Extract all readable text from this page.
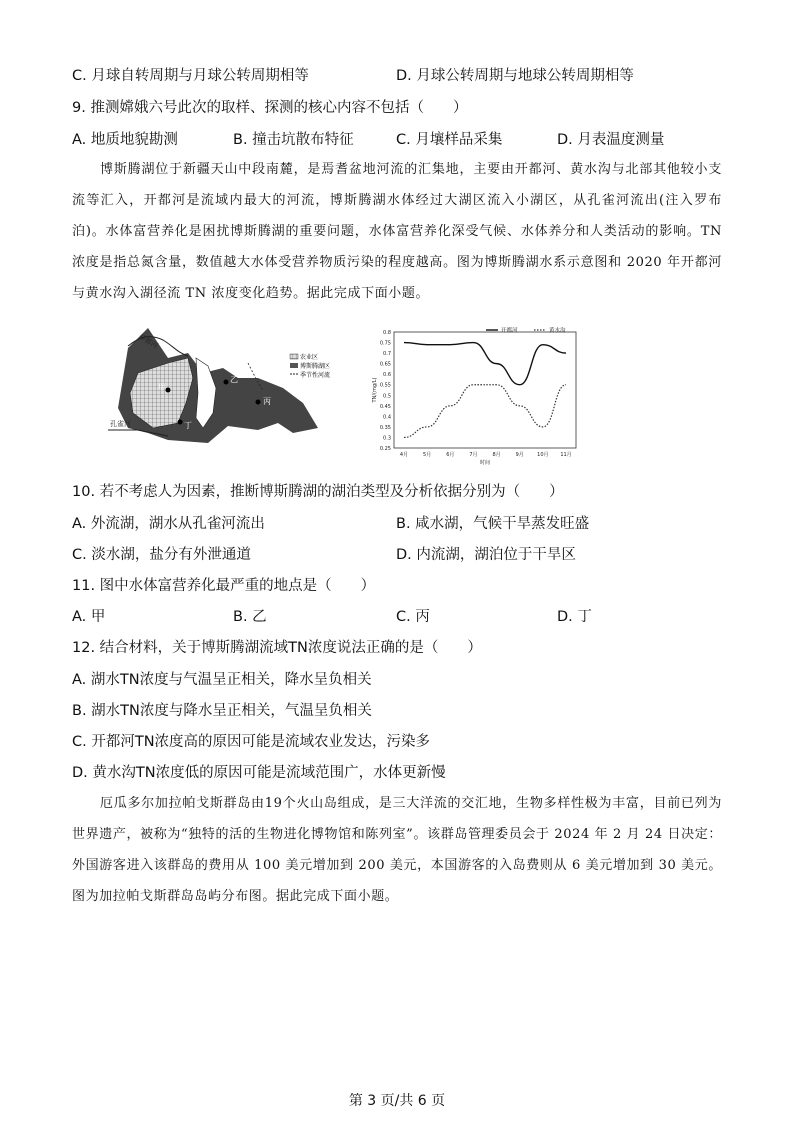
C. 月球自转周期与月球公转周期相等	D. 月球公转周期与地球公转周期相等
9. 推测嫦娥六号此次的取样、探测的核心内容不包括（　　）
A. 地质地貌勘测	B. 撞击坑散布特征	C. 月壤样品采集	D. 月表温度测量
博斯腾湖位于新疆天山中段南麓，是焉耆盆地河流的汇集地，主要由开都河、黄水沟与北部其他较小支流等汇入，开都河是流域内最大的河流，博斯腾湖水体经过大湖区流入小湖区，从孔雀河流出(注入罗布泊)。水体富营养化是困扰博斯腾湖的重要问题，水体富营养化深受气候、水体养分和人类活动的影响。TN 浓度是指总氮含量，数值越大水体受营养物质污染的程度越高。图为博斯腾湖水系示意图和 2020 年开都河与黄水沟入湖径流 TN 浓度变化趋势。据此完成下面小题。
甲
乙
丙
丁
开都河
孔雀河
农业区
博斯腾湖区
季节性河流
0.8
0.75
0.7
0.65
0.6
0.55
0.5
0.45
0.4
0.35
0.3
0.25
4月	5月	6月	7月	8月	9月	10月 11月
时间
TN/(mg/L)
开都河	黄水沟
10. 若不考虑人为因素，推断博斯腾湖的湖泊类型及分析依据分别为（　　）
A. 外流湖，湖水从孔雀河流出	B. 咸水湖，气候干旱蒸发旺盛
C. 淡水湖，盐分有外泄通道	D. 内流湖，湖泊位于干旱区
11. 图中水体富营养化最严重的地点是（　　）
A. 甲	B. 乙	C. 丙	D. 丁
12. 结合材料，关于博斯腾湖流域TN浓度说法正确的是（　　）
A. 湖水TN浓度与气温呈正相关，降水呈负相关
B. 湖水TN浓度与降水呈正相关，气温呈负相关
C. 开都河TN浓度高的原因可能是流域农业发达，污染多
D. 黄水沟TN浓度低的原因可能是流域范围广，水体更新慢
厄瓜多尔加拉帕戈斯群岛由19个火山岛组成，是三大洋流的交汇地，生物多样性极为丰富，目前已列为世界遗产，被称为“独特的活的生物进化博物馆和陈列室”。该群岛管理委员会于 2024 年 2 月 24 日决定：外国游客进入该群岛的费用从 100 美元增加到 200 美元，本国游客的入岛费则从 6 美元增加到 30 美元。图为加拉帕戈斯群岛岛屿分布图。据此完成下面小题。
第 3 页/共 6 页
